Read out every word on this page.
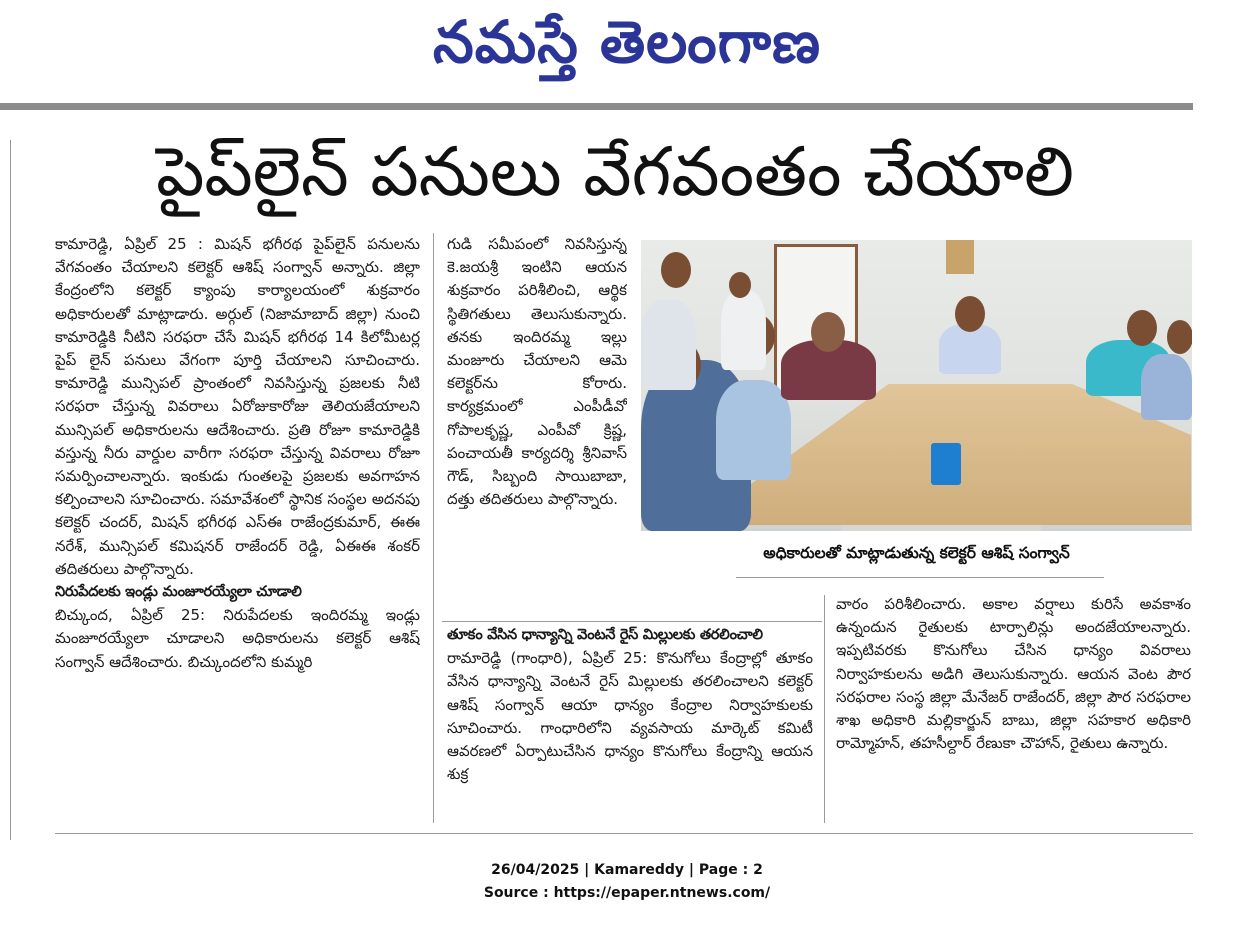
నమస్తే తెలంగాణ
పైప్‌లైన్ పనులు వేగవంతం చేయాలి

కామారెడ్డి, ఏప్రిల్ 25 : మిషన్ భగీరథ పైప్‌లైన్ పనులను వేగవంతం చేయాలని కలెక్టర్ ఆశిష్ సంగ్వాన్ అన్నారు. జిల్లా కేంద్రంలోని కలెక్టర్ క్యాంపు కార్యాలయంలో శుక్రవారం అధికారులతో మాట్లాడారు. అర్గుల్ (నిజామాబాద్ జిల్లా) నుంచి కామారెడ్డికి నీటిని సరఫరా చేసే మిషన్ భగీరథ 14 కిలోమీటర్ల పైప్ లైన్ పనులు వేగంగా పూర్తి చేయాలని సూచించారు. కామారెడ్డి మున్సిపల్ ప్రాంతంలో నివసిస్తున్న ప్రజలకు నీటి సరఫరా చేస్తున్న వివరాలు ఏరోజుకారోజు తెలియజేయాలని మున్సిపల్ అధికారులను ఆదేశించారు. ప్రతి రోజూ కామారెడ్డికి వస్తున్న నీరు వార్డుల వారీగా సరఫరా చేస్తున్న వివరాలు రోజూ సమర్పించాలన్నారు. ఇంకుడు గుంతలపై ప్రజలకు అవగాహన కల్పించాలని సూచించారు. సమావేశంలో స్థానిక సంస్థల అదనపు కలెక్టర్ చందర్, మిషన్ భగీరథ ఎస్ఈ రాజేంద్రకుమార్, ఈఈ నరేశ్, మున్సిపల్ కమిషనర్ రాజేందర్ రెడ్డి, ఏఈఈ శంకర్ తదితరులు పాల్గొన్నారు.

నిరుపేదలకు ఇండ్లు మంజూరయ్యేలా చూడాలి

బిచ్కుంద, ఏప్రిల్ 25: నిరుపేదలకు ఇందిరమ్మ ఇండ్లు మంజూరయ్యేలా చూడాలని అధికారులను కలెక్టర్ ఆశిష్ సంగ్వాన్ ఆదేశించారు. బిచ్కుందలోని కుమ్మరి

గుడి సమీపంలో నివసిస్తున్న కె.జయశ్రీ ఇంటిని ఆయన శుక్రవారం పరిశీలించి, ఆర్థిక స్థితిగతులు తెలుసుకున్నారు. తనకు ఇందిరమ్మ ఇల్లు మంజూరు చేయాలని ఆమె కలెక్టర్‌ను కోరారు. కార్యక్రమంలో ఎంపీడీవో గోపాలకృష్ణ, ఎంపీవో క్రిష్ణ, పంచాయతీ కార్యదర్శి శ్రీనివాస్ గౌడ్, సిబ్బంది సాయిబాబా, దత్తు తదితరులు పాల్గొన్నారు.

తూకం వేసిన ధాన్యాన్ని వెంటనే రైస్ మిల్లులకు తరలించాలి

రామారెడ్డి (గాంధారి), ఏప్రిల్ 25: కొనుగోలు కేంద్రాల్లో తూకం వేసిన ధాన్యాన్ని వెంటనే రైస్ మిల్లులకు తరలించాలని కలెక్టర్ ఆశిష్ సంగ్వాన్ ఆయా ధాన్యం కేంద్రాల నిర్వాహకులకు సూచించారు. గాంధారిలోని వ్యవసాయ మార్కెట్ కమిటీ ఆవరణలో ఏర్పాటుచేసిన ధాన్యం కొనుగోలు కేంద్రాన్ని ఆయన శుక్ర

వారం పరిశీలించారు. అకాల వర్షాలు కురిసే అవకాశం ఉన్నందున రైతులకు టార్పాలిన్లు అందజేయాలన్నారు. ఇప్పటివరకు కొనుగోలు చేసిన ధాన్యం వివరాలు నిర్వాహకులను అడిగి తెలుసుకున్నారు. ఆయన వెంట పౌర సరఫరాల సంస్థ జిల్లా మేనేజర్ రాజేందర్, జిల్లా పౌర సరఫరాల శాఖ అధికారి మల్లికార్జున్ బాబు, జిల్లా సహకార అధికారి రామ్మోహన్, తహసీల్దార్ రేణుకా చౌహాన్, రైతులు ఉన్నారు.

అధికారులతో మాట్లాడుతున్న కలెక్టర్ ఆశిష్ సంగ్వాన్
26/04/2025 | Kamareddy | Page : 2
Source : https://epaper.ntnews.com/
